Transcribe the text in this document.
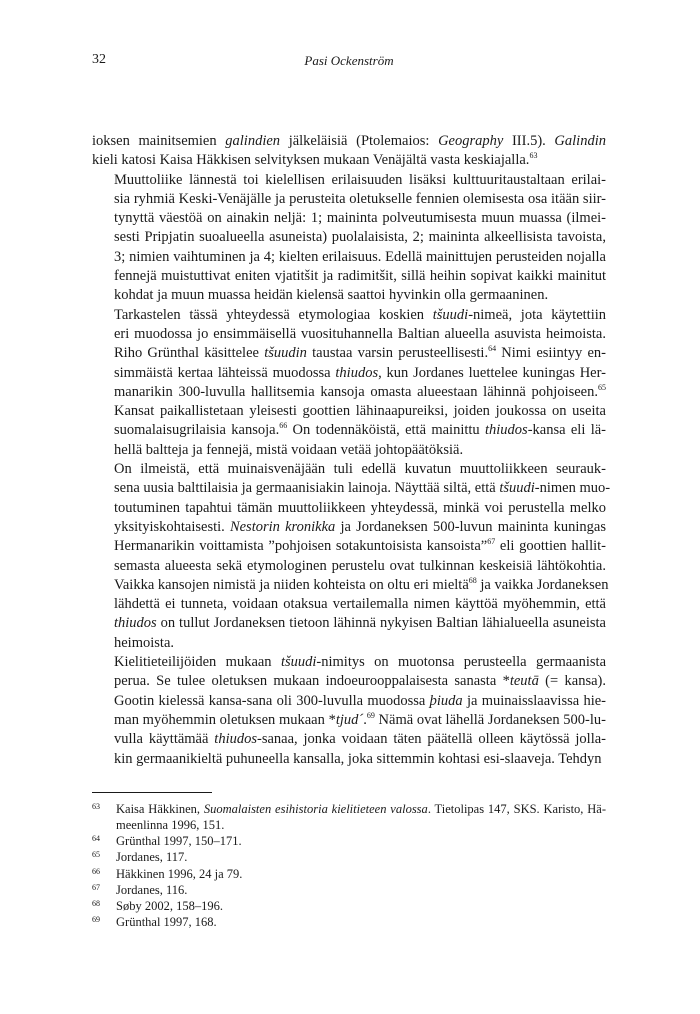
32	Pasi Ockenström

ioksen mainitsemien galindien jälkeläisiä (Ptolemaios: Geography III.5). Galindin
kieli katosi Kaisa Häkkisen selvityksen mukaan Venäjältä vasta keskiajalla.$^{63}$

Muuttoliike lännestä toi kielellisen erilaisuuden lisäksi kulttuuritaustaltaan erilai-
sia ryhmiä Keski-Venäjälle ja perusteita oletukselle fennien olemisesta osa itään siir-
tynyttä väestöä on ainakin neljä: 1; maininta polveutumisesta muun muassa (ilmei-
sesti Pripjatin suoalueella asuneista) puolalaisista, 2; maininta alkeellisista tavoista,
3; nimien vaihtuminen ja 4; kielten erilaisuus. Edellä mainittujen perusteiden nojalla
fennejä muistuttivat eniten vjatitšit ja radimitšit, sillä heihin sopivat kaikki mainitut
kohdat ja muun muassa heidän kielensä saattoi hyvinkin olla germaaninen.

Tarkastelen tässä yhteydessä etymologiaa koskien tšuudi-nimeä, jota käytettiin
eri muodossa jo ensimmäisellä vuosituhannella Baltian alueella asuvista heimoista.
Riho Grünthal käsittelee tšuudin taustaa varsin perusteellisesti.$^{64}$ Nimi esiintyy en-
simmäistä kertaa lähteissä muodossa thiudos, kun Jordanes luettelee kuningas Her-
manarikin 300-luvulla hallitsemia kansoja omasta alueestaan lähinnä pohjoiseen.$^{65}$
Kansat paikallistetaan yleisesti goottien lähinaapureiksi, joiden joukossa on useita
suomalaisugrilaisia kansoja.$^{66}$ On todennäköistä, että mainittu thiudos-kansa eli lä-
hellä balttеja ja fennejä, mistä voidaan vetää johtopäätöksiä.

On ilmeistä, että muinaisvenäjään tuli edellä kuvatun muuttoliikkeen seurauk-
sena uusia balttilaisia ja germaanisiakin lainoja. Näyttää siltä, että tšuudi-nimen muo-
toutuminen tapahtui tämän muuttoliikkeen yhteydessä, minkä voi perustella melko
yksityiskohtaisesti. Nestorin kronikka ja Jordaneksen 500-luvun maininta kuningas
Hermanarikin voittamista ”pohjoisen sotakuntoisista kansoista”$^{67}$ eli goottien hallit-
semasta alueesta sekä etymologinen perustelu ovat tulkinnan keskeisiä lähtökohtia.
Vaikka kansojen nimistä ja niiden kohteista on oltu eri mieltä$^{68}$ ja vaikka Jordaneksen
lähdettä ei tunneta, voidaan otaksua vertailemalla nimen käyttöä myöhemmin, että
thiudos on tullut Jordaneksen tietoon lähinnä nykyisen Baltian lähialueella asuneista
heimoista.

Kielitieteilijöiden mukaan tšuudi-nimitys on muotonsa perusteella germaanista
perua. Se tulee oletuksen mukaan indoeurooppalaisesta sanasta *teutā (= kansa).
Gootin kielessä kansa-sana oli 300-luvulla muodossa þiuda ja muinaisslaavissa hie-
man myöhemmin oletuksen mukaan *tjud´.$^{69}$ Nämä ovat lähellä Jordaneksen 500-lu-
vulla käyttämää thiudos-sanaa, jonka voidaan täten päätellä olleen käytössä jolla-
kin germaanikieltä puhuneella kansalla, joka sittemmin kohtasi esi-slaaveja. Tehdyn

63	Kaisa Häkkinen, Suomalaisten esihistoria kielitieteen valossa. Tietolipas 147, SKS. Karisto, Hä-
meenlinna 1996, 151.
64	Grünthal 1997, 150–171.
65	Jordanes, 117.
66	Häkkinen 1996, 24 ja 79.
67	Jordanes, 116.
68	Søby 2002, 158–196.
69	Grünthal 1997, 168.
